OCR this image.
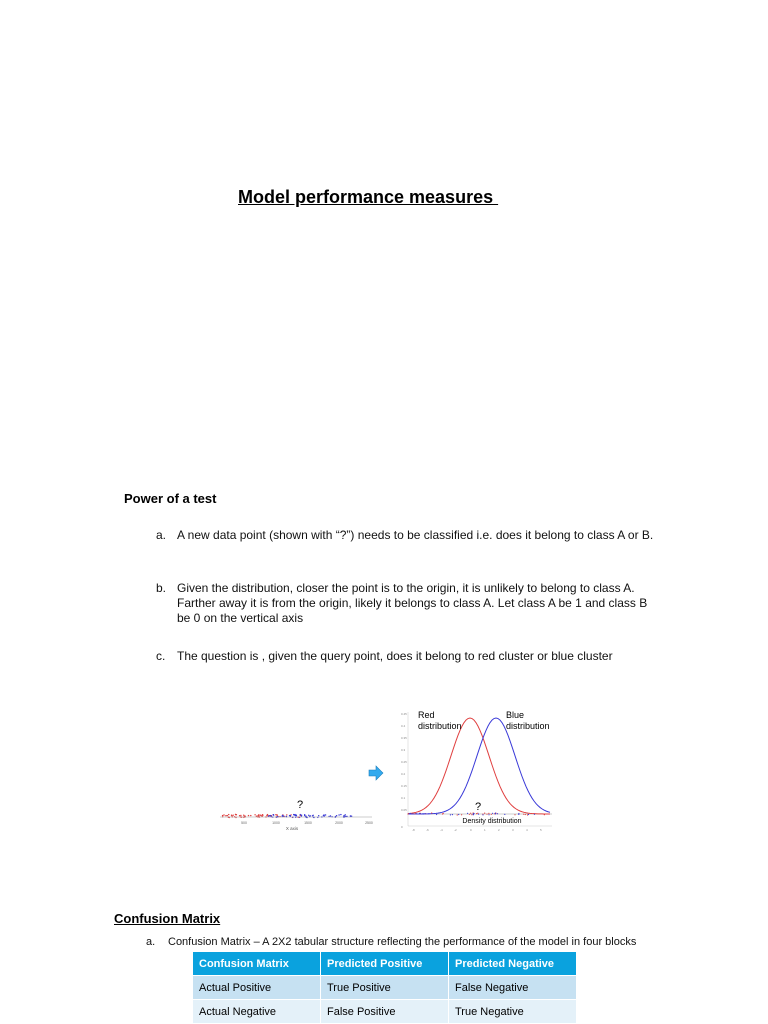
Model performance measures
Power of a test
a. A new data point (shown with “?”) needs to be classified i.e. does it belong to class A or B.
b. Given the distribution, closer the point is to the origin, it is unlikely to belong to class A. Farther away it is from the origin, likely it belongs to class A. Let class A be 1 and class B be 0 on the vertical axis
c. The question is , given the query point, does it belong to red cluster or blue cluster
?
500	1000	1500	2000	2500
X axis
0.45
0.4
0.35
0.3
0.25
0.2
0.15
0.1
0.05
0
-8	-6	-4	-2	0	1	2	3	4	5
Red
distribution
Blue
distribution
?
Density distribution
Confusion Matrix
a. Confusion Matrix – A 2X2 tabular structure reflecting the performance of the model in four blocks
Confusion Matrix	Predicted Positive	Predicted Negative
Actual Positive	True Positive	False Negative
Actual Negative	False Positive	True Negative
